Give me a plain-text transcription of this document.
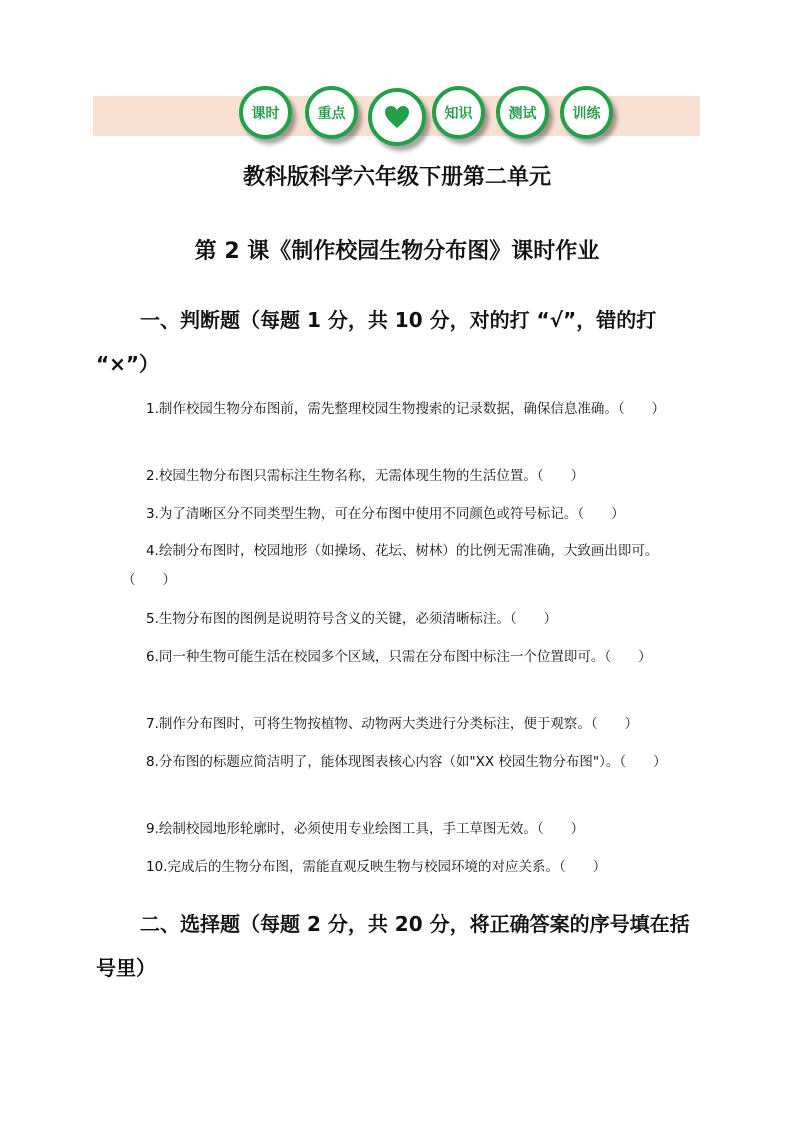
课时	重点	知识	测试	训练
教科版科学六年级下册第二单元
第 2 课《制作校园生物分布图》课时作业
一、判断题（每题 1 分，共 10 分，对的打 “√”，错的打 “×”）
1.制作校园生物分布图前，需先整理校园生物搜索的记录数据，确保信息准确。（　　）
2.校园生物分布图只需标注生物名称，无需体现生物的生活位置。（　　）
3.为了清晰区分不同类型生物，可在分布图中使用不同颜色或符号标记。（　　）
4.绘制分布图时，校园地形（如操场、花坛、树林）的比例无需准确，大致画出即可。（　　）
5.生物分布图的图例是说明符号含义的关键，必须清晰标注。（　　）
6.同一种生物可能生活在校园多个区域，只需在分布图中标注一个位置即可。（　　）
7.制作分布图时，可将生物按植物、动物两大类进行分类标注，便于观察。（　　）
8.分布图的标题应简洁明了，能体现图表核心内容（如"XX 校园生物分布图"）。（　　）
9.绘制校园地形轮廓时，必须使用专业绘图工具，手工草图无效。（　　）
10.完成后的生物分布图，需能直观反映生物与校园环境的对应关系。（　　）
二、选择题（每题 2 分，共 20 分，将正确答案的序号填在括号里）
